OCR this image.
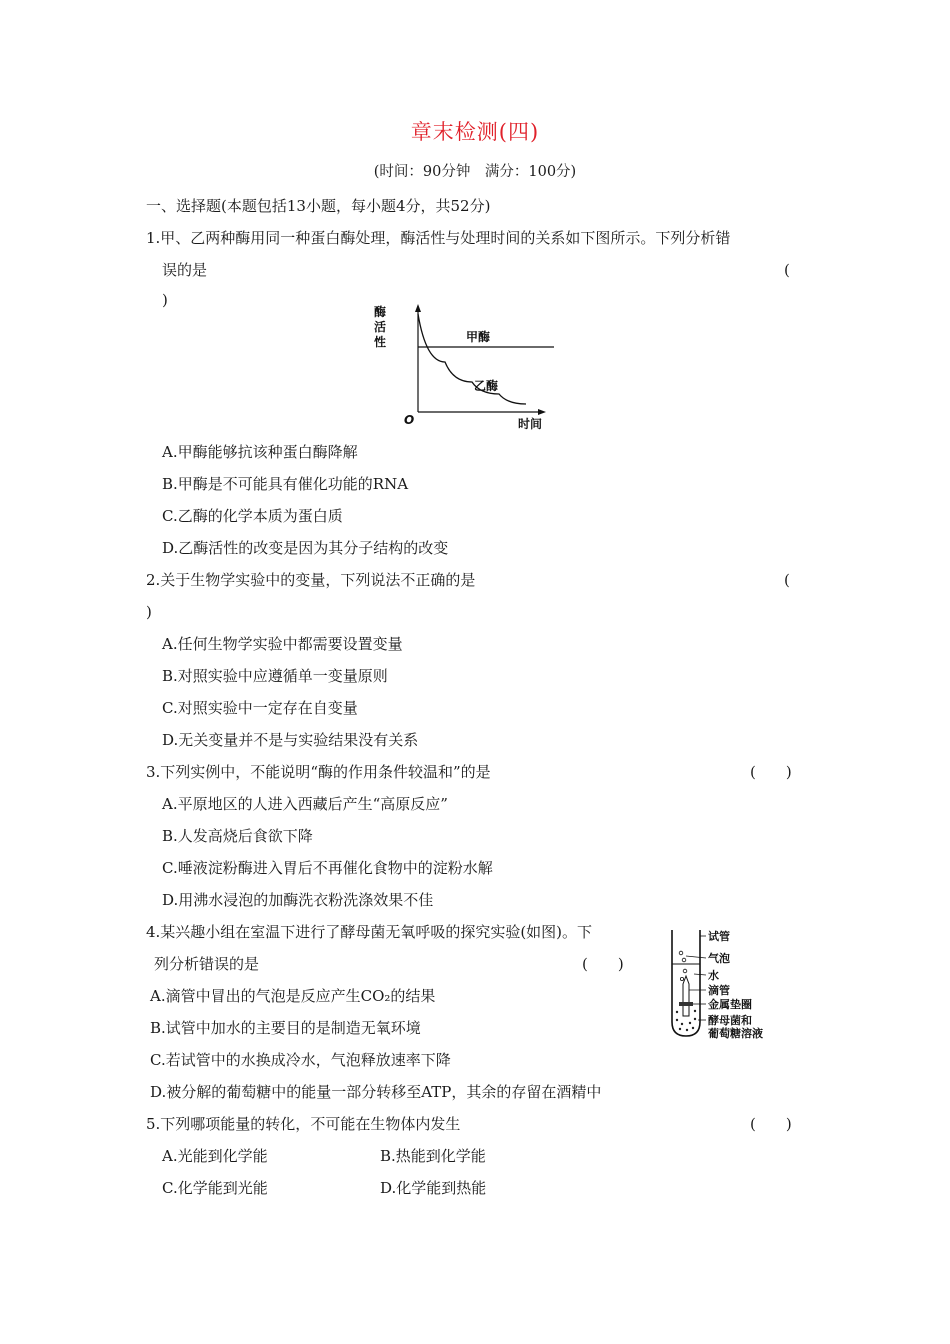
章末检测(四)
(时间：90分钟　满分：100分)
一、选择题(本题包括13小题，每小题4分，共52分)
1.甲、乙两种酶用同一种蛋白酶处理，酶活性与处理时间的关系如下图所示。下列分析错
误的是	(
)
酶
活
性
O	时间
甲酶
乙酶
A.甲酶能够抗该种蛋白酶降解
B.甲酶是不可能具有催化功能的RNA
C.乙酶的化学本质为蛋白质
D.乙酶活性的改变是因为其分子结构的改变
2.关于生物学实验中的变量，下列说法不正确的是	(
)
A.任何生物学实验中都需要设置变量
B.对照实验中应遵循单一变量原则
C.对照实验中一定存在自变量
D.无关变量并不是与实验结果没有关系
3.下列实例中，不能说明“酶的作用条件较温和”的是	(　　)
A.平原地区的人进入西藏后产生“高原反应”
B.人发高烧后食欲下降
C.唾液淀粉酶进入胃后不再催化食物中的淀粉水解
D.用沸水浸泡的加酶洗衣粉洗涤效果不佳
4.某兴趣小组在室温下进行了酵母菌无氧呼吸的探究实验(如图)。下
列分析错误的是	(　　)
A.滴管中冒出的气泡是反应产生CO₂的结果
B.试管中加水的主要目的是制造无氧环境
C.若试管中的水换成冷水，气泡释放速率下降
D.被分解的葡萄糖中的能量一部分转移至ATP，其余的存留在酒精中
试管
气泡
水
滴管
金属垫圈
酵母菌和
葡萄糖溶液
5.下列哪项能量的转化，不可能在生物体内发生	(　　)
A.光能到化学能	B.热能到化学能
C.化学能到光能	D.化学能到热能
